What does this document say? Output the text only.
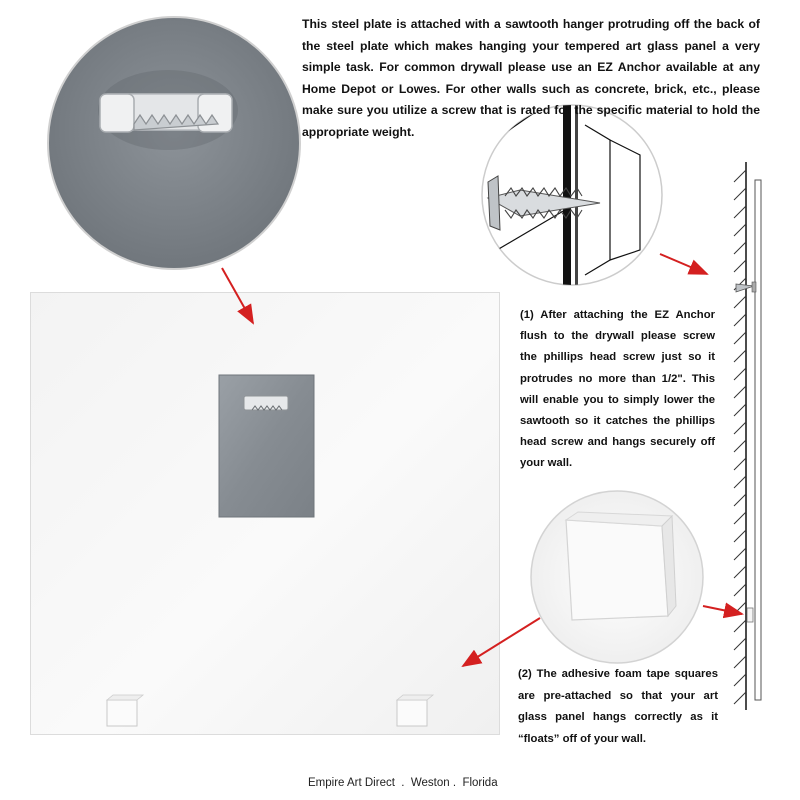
This steel plate is attached with a sawtooth hanger protruding off the back of the steel plate which makes hanging your tempered art glass panel a very simple task. For common drywall please use an EZ Anchor available at any Home Depot or Lowes. For other walls such as concrete, brick, etc., please make sure you utilize a screw that is rated for the specific material to hold the appropriate weight.
(1) After attaching the EZ Anchor flush to the drywall please screw the phillips head screw just so it protrudes no more than 1/2". This will enable you to simply lower the sawtooth so it catches the phillips head screw and hangs securely off your wall.
(2) The adhesive foam tape squares are pre-attached so that your art glass panel hangs correctly as it “floats” off of your wall.
Empire Art Direct  .  Weston .  Florida
